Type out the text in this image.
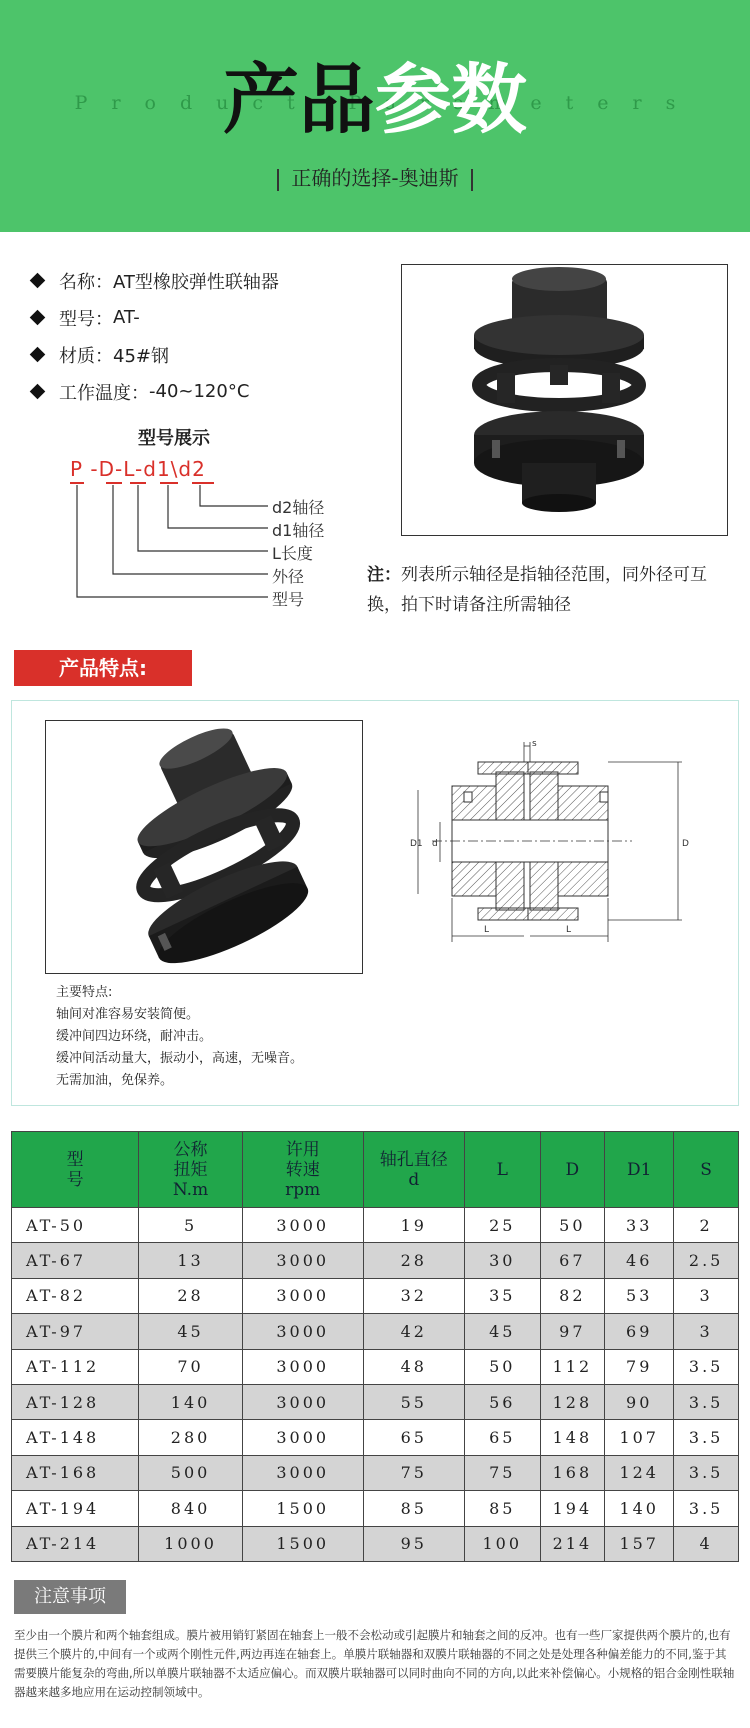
Product Parameters
产品参数
正确的选择-奥迪斯
名称： AT型橡胶弹性联轴器
型号： AT-
材质： 45#钢
工作温度： -40~120°C
型号展示
P -D-L-d1\d2
d2轴径
d1轴径
L长度
外径
型号
注：列表所示轴径是指轴径范围，同外径可互换，拍下时请备注所需轴径
产品特点:
D1 d	D
s
L	L
主要特点:
轴间对准容易安装简便。
缓冲间四边环绕，耐冲击。
缓冲间活动量大，振动小，高速，无噪音。
无需加油，免保养。
型
号	公称
扭矩
N.m	许用
转速
rpm	轴孔直径
d	L	D	D1	S
AT-50	5	3000	19	25	50	33	2
AT-67	13	3000	28	30	67	46	2.5
AT-82	28	3000	32	35	82	53	3
AT-97	45	3000	42	45	97	69	3
AT-112	70	3000	48	50	112	79	3.5
AT-128	140	3000	55	56	128	90	3.5
AT-148	280	3000	65	65	148	107	3.5
AT-168	500	3000	75	75	168	124	3.5
AT-194	840	1500	85	85	194	140	3.5
AT-214	1000	1500	95	100	214	157	4
注意事项
至少由一个膜片和两个轴套组成。膜片被用销钉紧固在轴套上一般不会松动或引起膜片和轴套之间的反冲。也有一些厂家提供两个膜片的,也有提供三个膜片的,中间有一个或两个刚性元件,两边再连在轴套上。单膜片联轴器和双膜片联轴器的不同之处是处理各种偏差能力的不同,鉴于其需要膜片能复杂的弯曲,所以单膜片联轴器不太适应偏心。而双膜片联轴器可以同时曲向不同的方向,以此来补偿偏心。小规格的铝合金刚性联轴器越来越多地应用在运动控制领域中。
